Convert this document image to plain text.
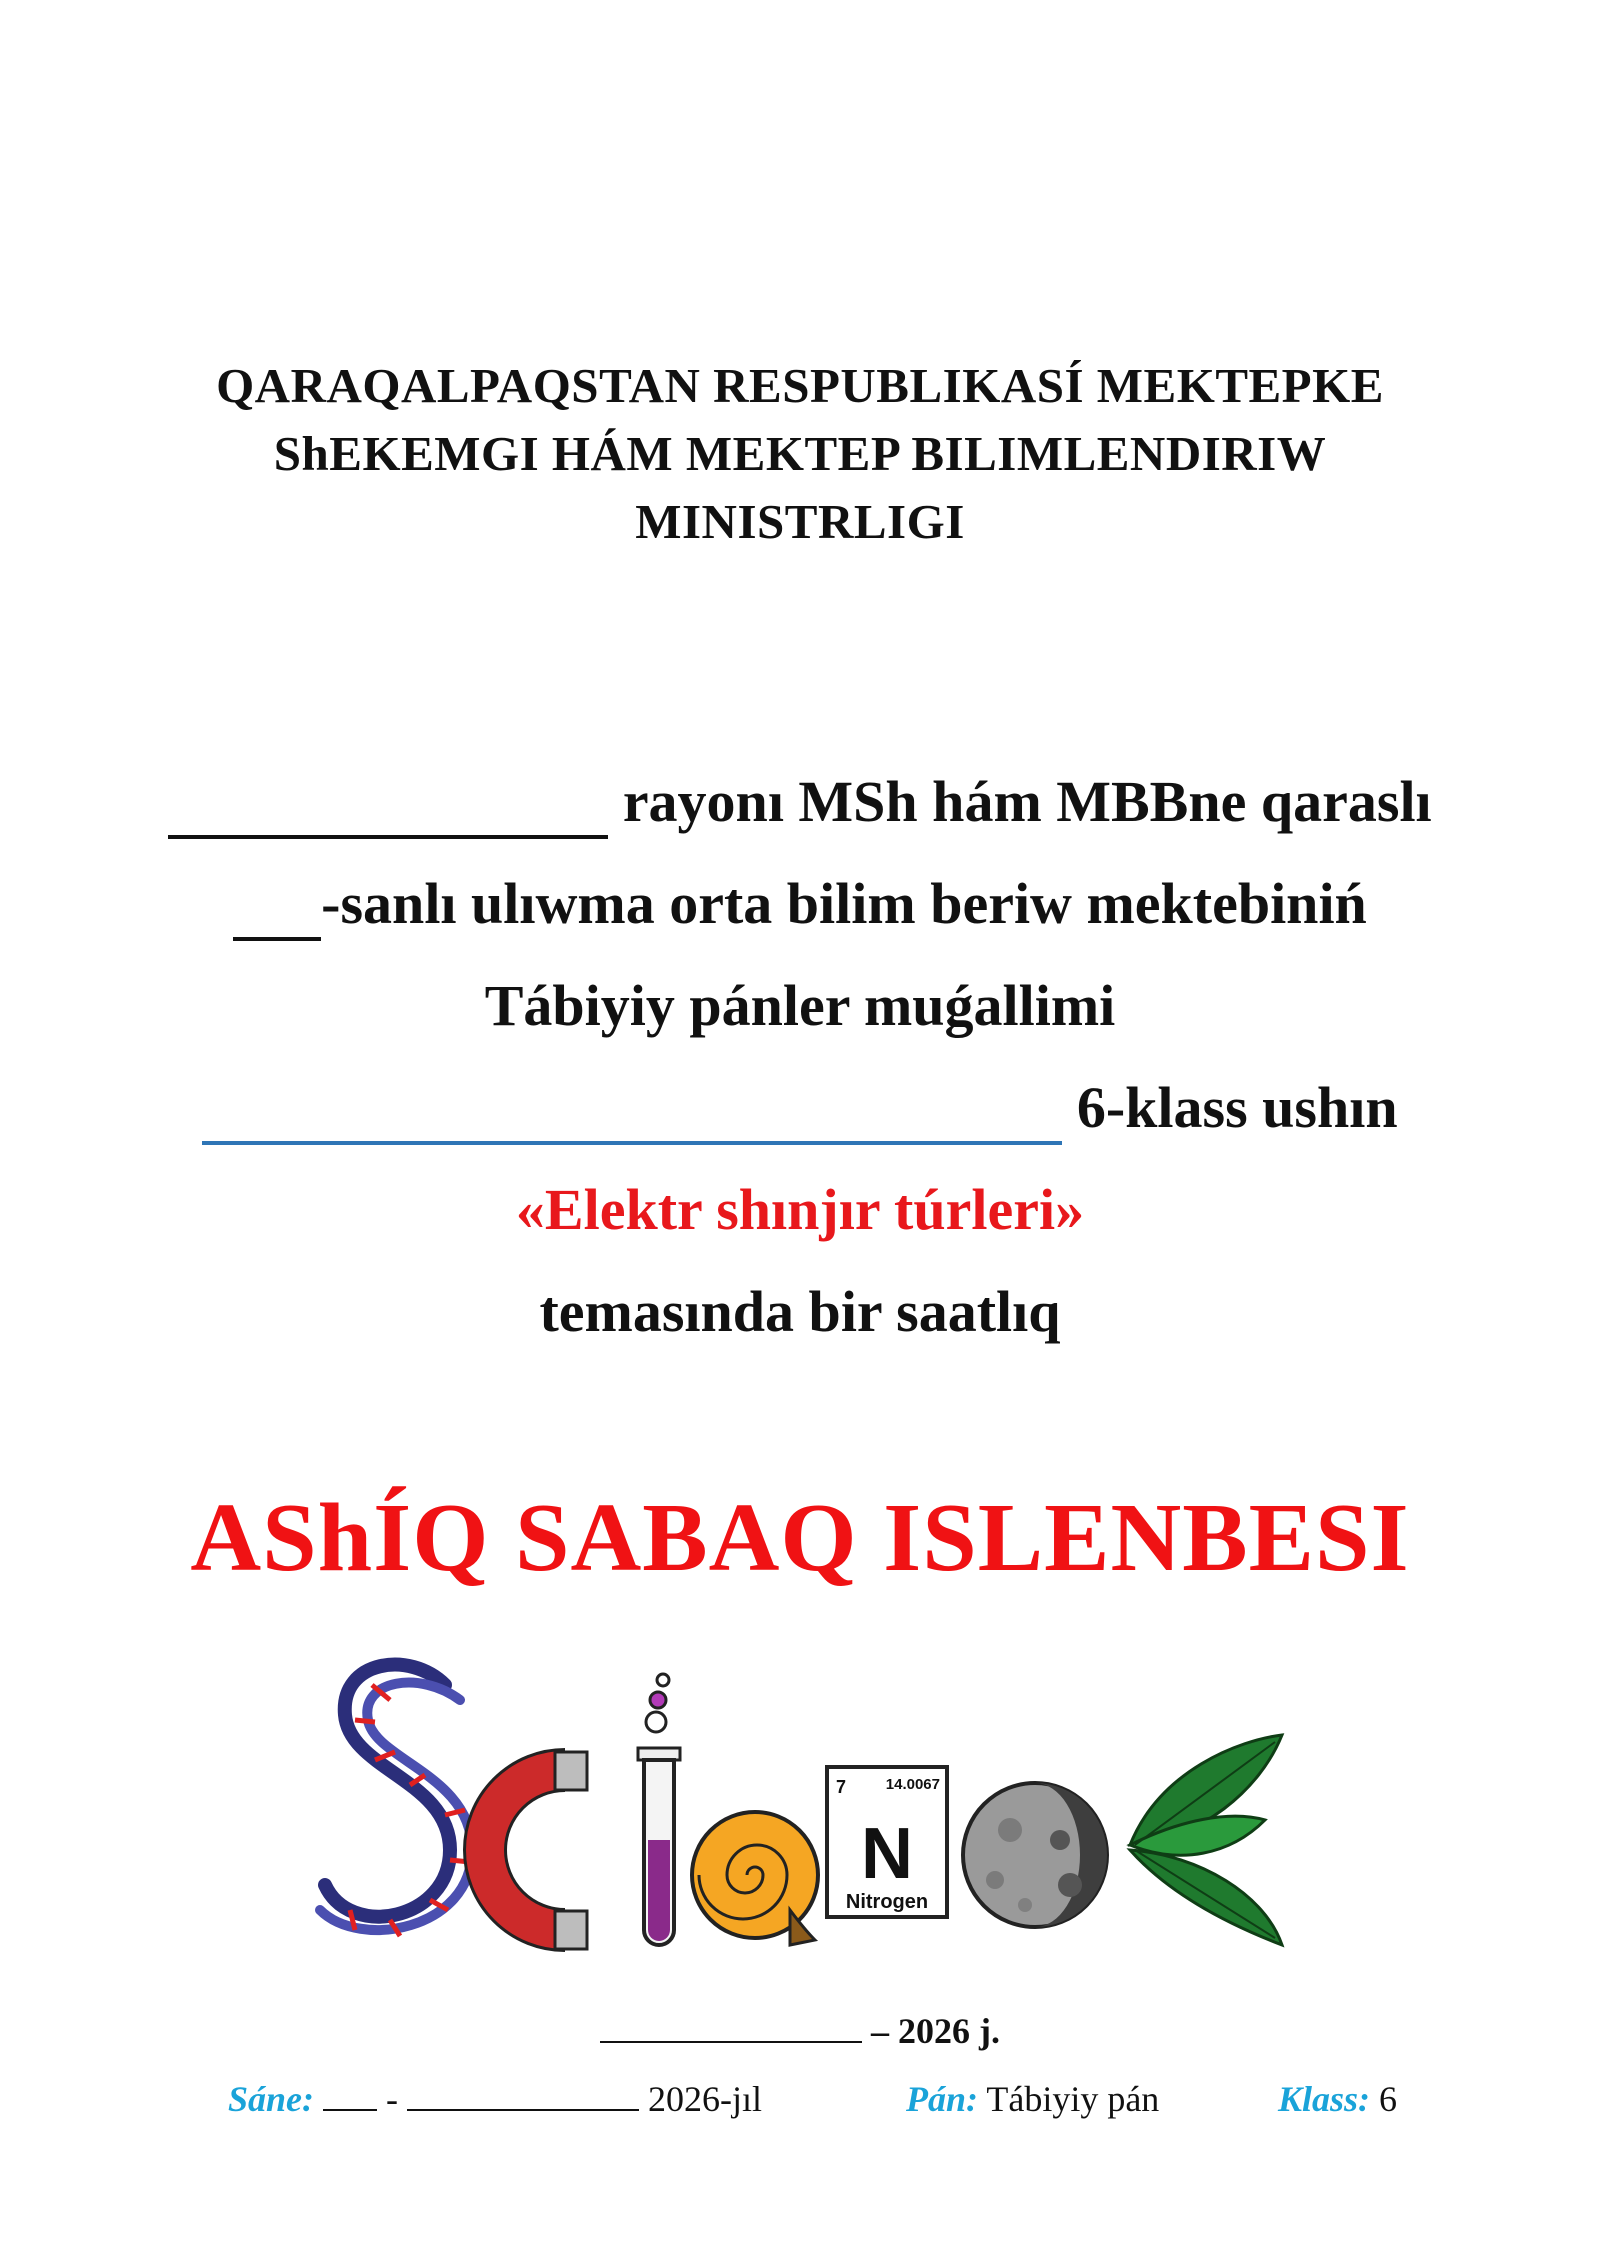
QARAQALPAQSTAN RESPUBLIKASÍ MEKTEPKE
ShEKEMGI HÁM MEKTEP BILIMLENDIRIW
MINISTRLIGI
rayonı MSh hám MBBne qaraslı
-sanlı ulıwma orta bilim beriw mektebiniń
Tábiyiy pánler muǵallimi
6-klass ushın
«Elektr shınjır túrleri»
temasında bir saatlıq
AShÍQ SABAQ ISLENBESI
7	14.0067
N
Nitrogen
– 2026 j.
Sáne: -	2026-jıl	Pán: Tábiyiy pán	Klass: 6
